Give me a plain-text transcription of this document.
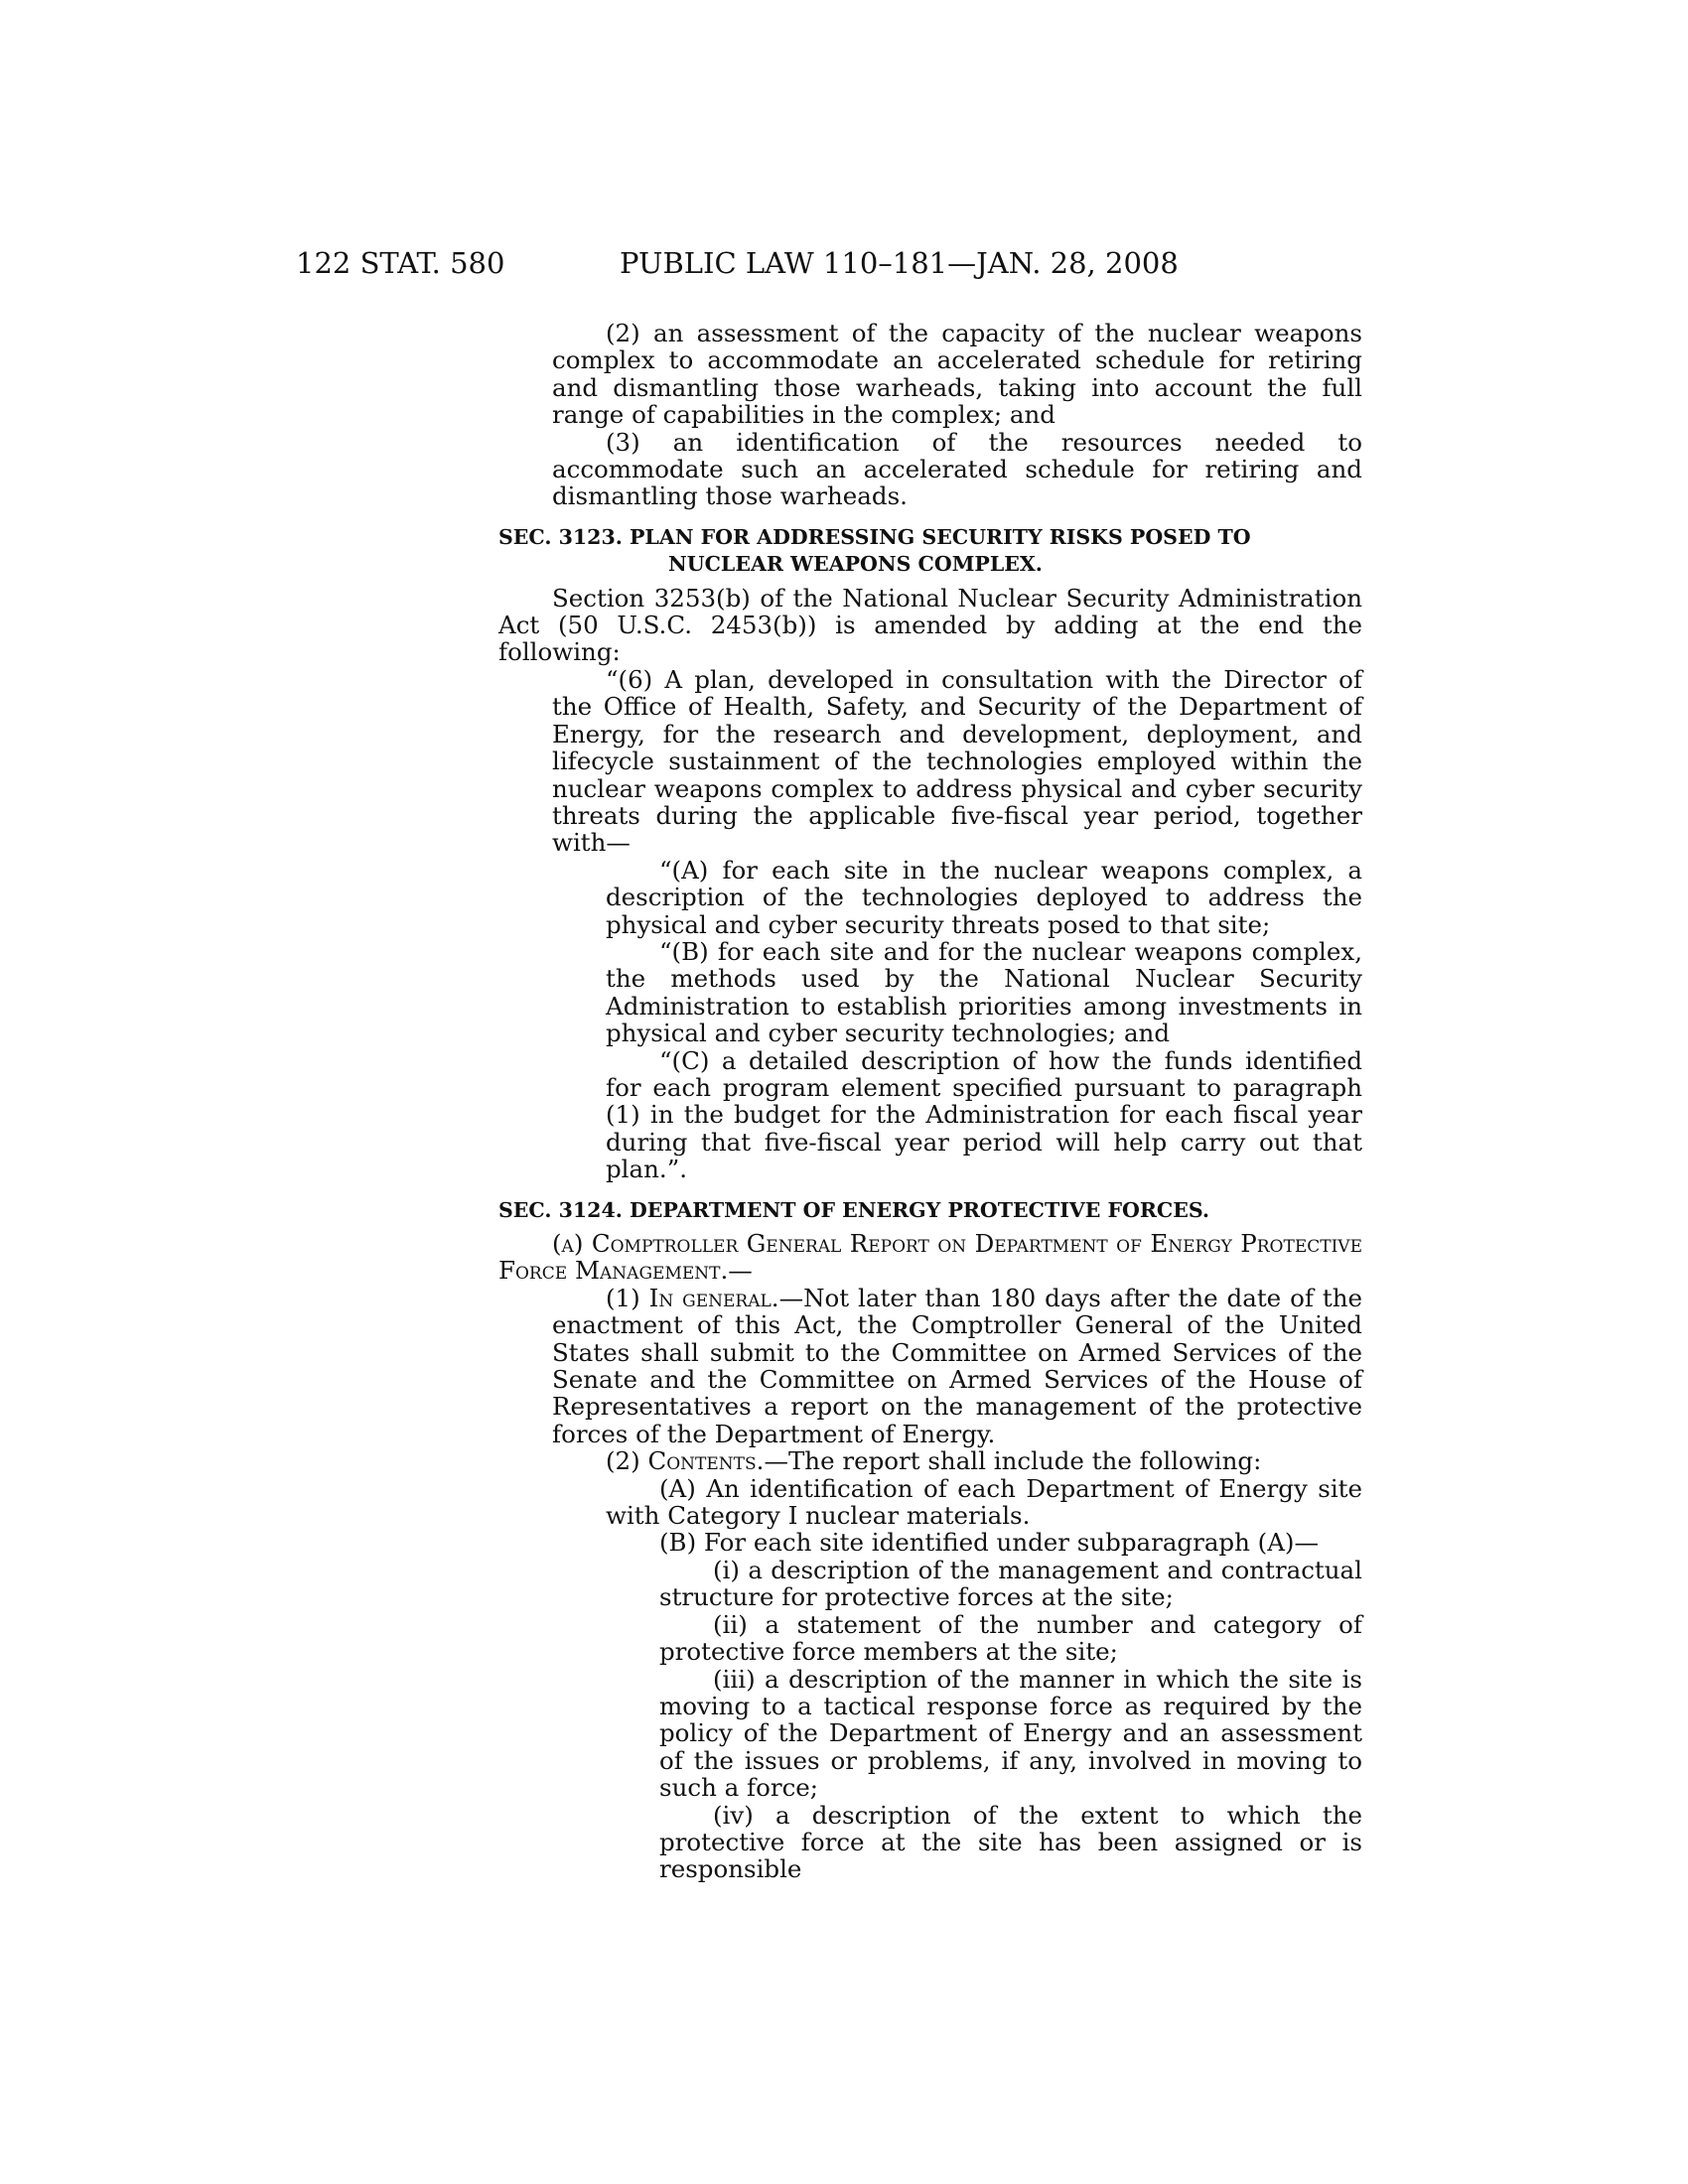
122 STAT. 580	PUBLIC LAW 110–181—JAN. 28, 2008

(2) an assessment of the capacity of the nuclear weapons complex to accommodate an accelerated schedule for retiring and dismantling those warheads, taking into account the full range of capabilities in the complex; and

(3) an identification of the resources needed to accommodate such an accelerated schedule for retiring and dismantling those warheads.

SEC. 3123. PLAN FOR ADDRESSING SECURITY RISKS POSED TO
NUCLEAR WEAPONS COMPLEX.

Section 3253(b) of the National Nuclear Security Administration Act (50 U.S.C. 2453(b)) is amended by adding at the end the following:

“(6) A plan, developed in consultation with the Director of the Office of Health, Safety, and Security of the Department of Energy, for the research and development, deployment, and lifecycle sustainment of the technologies employed within the nuclear weapons complex to address physical and cyber security threats during the applicable five-fiscal year period, together with—

“(A) for each site in the nuclear weapons complex, a description of the technologies deployed to address the physical and cyber security threats posed to that site;

“(B) for each site and for the nuclear weapons complex, the methods used by the National Nuclear Security Administration to establish priorities among investments in physical and cyber security technologies; and

“(C) a detailed description of how the funds identified for each program element specified pursuant to paragraph (1) in the budget for the Administration for each fiscal year during that five-fiscal year period will help carry out that plan.”.

SEC. 3124. DEPARTMENT OF ENERGY PROTECTIVE FORCES.

(a) Comptroller General Report on Department of Energy Protective Force Management.—

(1) In general.—Not later than 180 days after the date of the enactment of this Act, the Comptroller General of the United States shall submit to the Committee on Armed Services of the Senate and the Committee on Armed Services of the House of Representatives a report on the management of the protective forces of the Department of Energy.

(2) Contents.—The report shall include the following:

(A) An identification of each Department of Energy site with Category I nuclear materials.

(B) For each site identified under subparagraph (A)—

(i) a description of the management and contractual structure for protective forces at the site;

(ii) a statement of the number and category of protective force members at the site;

(iii) a description of the manner in which the site is moving to a tactical response force as required by the policy of the Department of Energy and an assessment of the issues or problems, if any, involved in moving to such a force;

(iv) a description of the extent to which the protective force at the site has been assigned or is responsible
